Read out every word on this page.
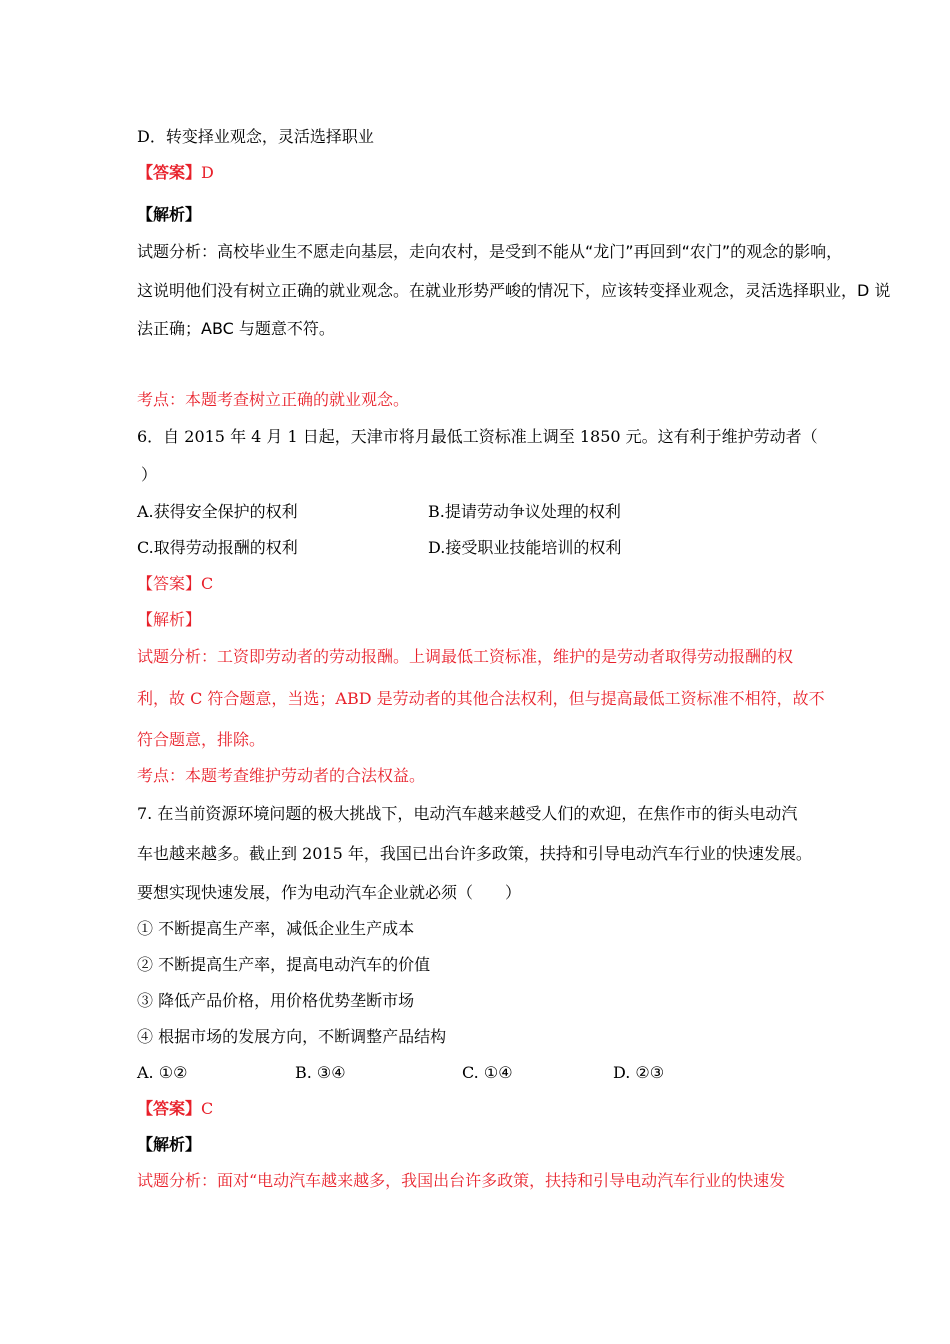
D．转变择业观念，灵活选择职业
【答案】D
【解析】
试题分析：高校毕业生不愿走向基层，走向农村，是受到不能从“龙门”再回到“农门”的观念的影响，
这说明他们没有树立正确的就业观念。在就业形势严峻的情况下，应该转变择业观念，灵活选择职业，D 说
法正确；ABC 与题意不符。
考点：本题考查树立正确的就业观念。
6．自 2015 年 4 月 1 日起，天津市将月最低工资标准上调至 1850 元。这有利于维护劳动者（
）
A.获得安全保护的权利	B.提请劳动争议处理的权利
C.取得劳动报酬的权利	D.接受职业技能培训的权利
【答案】C
【解析】
试题分析：工资即劳动者的劳动报酬。上调最低工资标准，维护的是劳动者取得劳动报酬的权
利，故 C 符合题意，当选；ABD 是劳动者的其他合法权利，但与提高最低工资标准不相符，故不
符合题意，排除。
考点：本题考查维护劳动者的合法权益。
7. 在当前资源环境问题的极大挑战下，电动汽车越来越受人们的欢迎，在焦作市的街头电动汽
车也越来越多。截止到 2015 年，我国已出台许多政策，扶持和引导电动汽车行业的快速发展。
要想实现快速发展，作为电动汽车企业就必须（　　）
① 不断提高生产率，减低企业生产成本
② 不断提高生产率，提高电动汽车的价值
③ 降低产品价格，用价格优势垄断市场
④ 根据市场的发展方向，不断调整产品结构
A. ①②	B. ③④	C. ①④	D. ②③
【答案】C
【解析】
试题分析：面对“电动汽车越来越多，我国出台许多政策，扶持和引导电动汽车行业的快速发
